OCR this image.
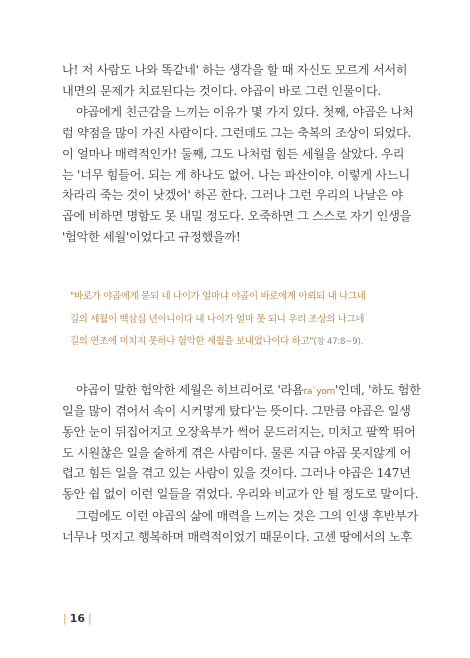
나! 저 사람도 나와 똑같네' 하는 생각을 할 때 자신도 모르게 서서히
내면의 문제가 치료된다는 것이다. 야곱이 바로 그런 인물이다.
야곱에게 친근감을 느끼는 이유가 몇 가지 있다. 첫째, 야곱은 나처
럼 약점을 많이 가진 사람이다. 그런데도 그는 축복의 조상이 되었다.
이 얼마나 매력적인가! 둘째, 그도 나처럼 힘든 세월을 살았다. 우리
는 '너무 힘들어. 되는 게 하나도 없어. 나는 파산이야. 이렇게 사느니
차라리 죽는 것이 낫겠어' 하곤 한다. 그러나 그런 우리의 나날은 야
곱에 비하면 명함도 못 내밀 정도다. 오죽하면 그 스스로 자기 인생을
'험악한 세월'이었다고 규정했을까!
"바로가 야곱에게 묻되 네 나이가 얼마냐 야곱이 바로에게 아뢰되 내 나그네
길의 세월이 백삼십 년이니이다 내 나이가 얼마 못 되니 우리 조상의 나그네
길의 연조에 미치지 못하나 험악한 세월을 보내었나이다 하고"(창 47:8~9).
야곱이 말한 험악한 세월은 히브리어로 '라욤ra`yom'인데, '하도 험한
일을 많이 겪어서 속이 시커멓게 탔다'는 뜻이다. 그만큼 야곱은 일생
동안 눈이 뒤집어지고 오장육부가 썩어 문드러지는, 미치고 팔짝 뛰어
도 시원찮은 일을 숱하게 겪은 사람이다. 물론 지금 야곱 못지않게 어
렵고 힘든 일을 겪고 있는 사람이 있을 것이다. 그러나 야곱은 147년
동안 쉼 없이 이런 일들을 겪었다. 우리와 비교가 안 될 정도로 말이다.
그럼에도 이런 야곱의 삶에 매력을 느끼는 것은 그의 인생 후반부가
너무나 멋지고 행복하며 매력적이었기 때문이다. 고센 땅에서의 노후
| 16 |
